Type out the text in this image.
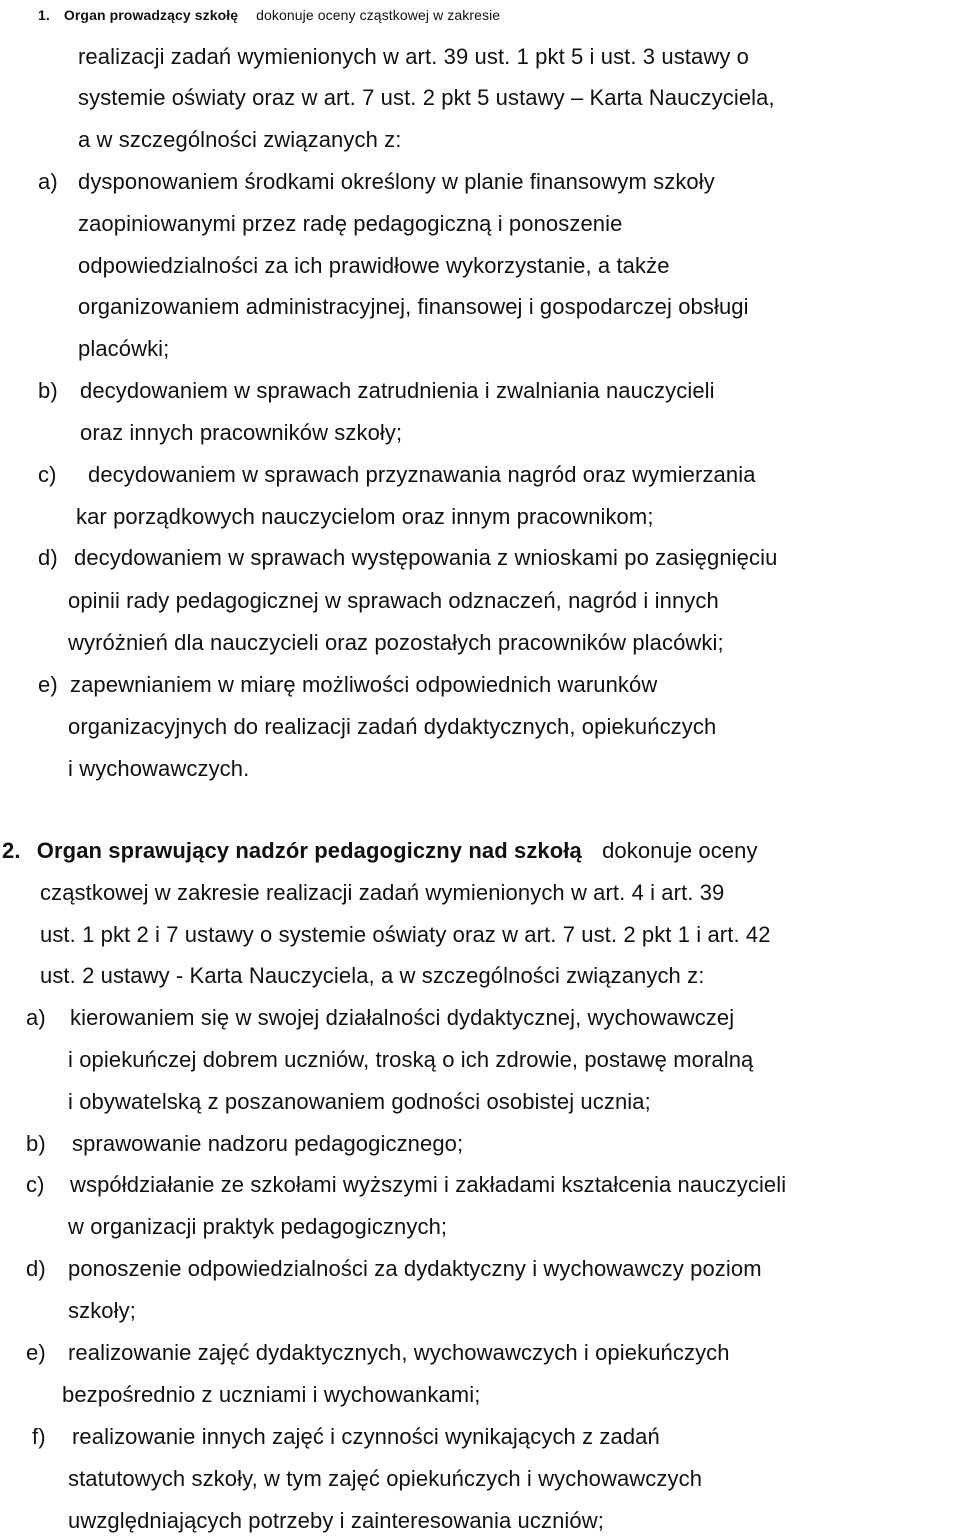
1. Organ prowadzący szkołę dokonuje oceny cząstkowej w zakresie
realizacji zadań wymienionych w art. 39 ust. 1 pkt 5 i ust. 3 ustawy o
systemie oświaty oraz w art. 7 ust. 2 pkt 5 ustawy – Karta Nauczyciela,
a w szczególności związanych z:
a) dysponowaniem środkami określony w planie finansowym szkoły
zaopiniowanymi przez radę pedagogiczną i ponoszenie
odpowiedzialności za ich prawidłowe wykorzystanie, a także
organizowaniem administracyjnej, finansowej i gospodarczej obsługi
placówki;
b) decydowaniem w sprawach zatrudnienia i zwalniania nauczycieli
oraz innych pracowników szkoły;
c) decydowaniem w sprawach przyznawania nagród oraz wymierzania
kar porządkowych nauczycielom oraz innym pracownikom;
d) decydowaniem w sprawach występowania z wnioskami po zasięgnięciu
opinii rady pedagogicznej w sprawach odznaczeń, nagród i innych
wyróżnień dla nauczycieli oraz pozostałych pracowników placówki;
e) zapewnianiem w miarę możliwości odpowiednich warunków
organizacyjnych do realizacji zadań dydaktycznych, opiekuńczych
i wychowawczych.
2. Organ sprawujący nadzór pedagogiczny nad szkołą dokonuje oceny
cząstkowej w zakresie realizacji zadań wymienionych w art. 4 i art. 39
ust. 1 pkt 2 i 7 ustawy o systemie oświaty oraz w art. 7 ust. 2 pkt 1 i art. 42
ust. 2 ustawy - Karta Nauczyciela, a w szczególności związanych z:
a) kierowaniem się w swojej działalności dydaktycznej, wychowawczej
i opiekuńczej dobrem uczniów, troską o ich zdrowie, postawę moralną
i obywatelską z poszanowaniem godności osobistej ucznia;
b) sprawowanie nadzoru pedagogicznego;
c) współdziałanie ze szkołami wyższymi i zakładami kształcenia nauczycieli
w organizacji praktyk pedagogicznych;
d) ponoszenie odpowiedzialności za dydaktyczny i wychowawczy poziom
szkoły;
e) realizowanie zajęć dydaktycznych, wychowawczych i opiekuńczych
bezpośrednio z uczniami i wychowankami;
f) realizowanie innych zajęć i czynności wynikających z zadań
statutowych szkoły, w tym zajęć opiekuńczych i wychowawczych
uwzględniających potrzeby i zainteresowania uczniów;
